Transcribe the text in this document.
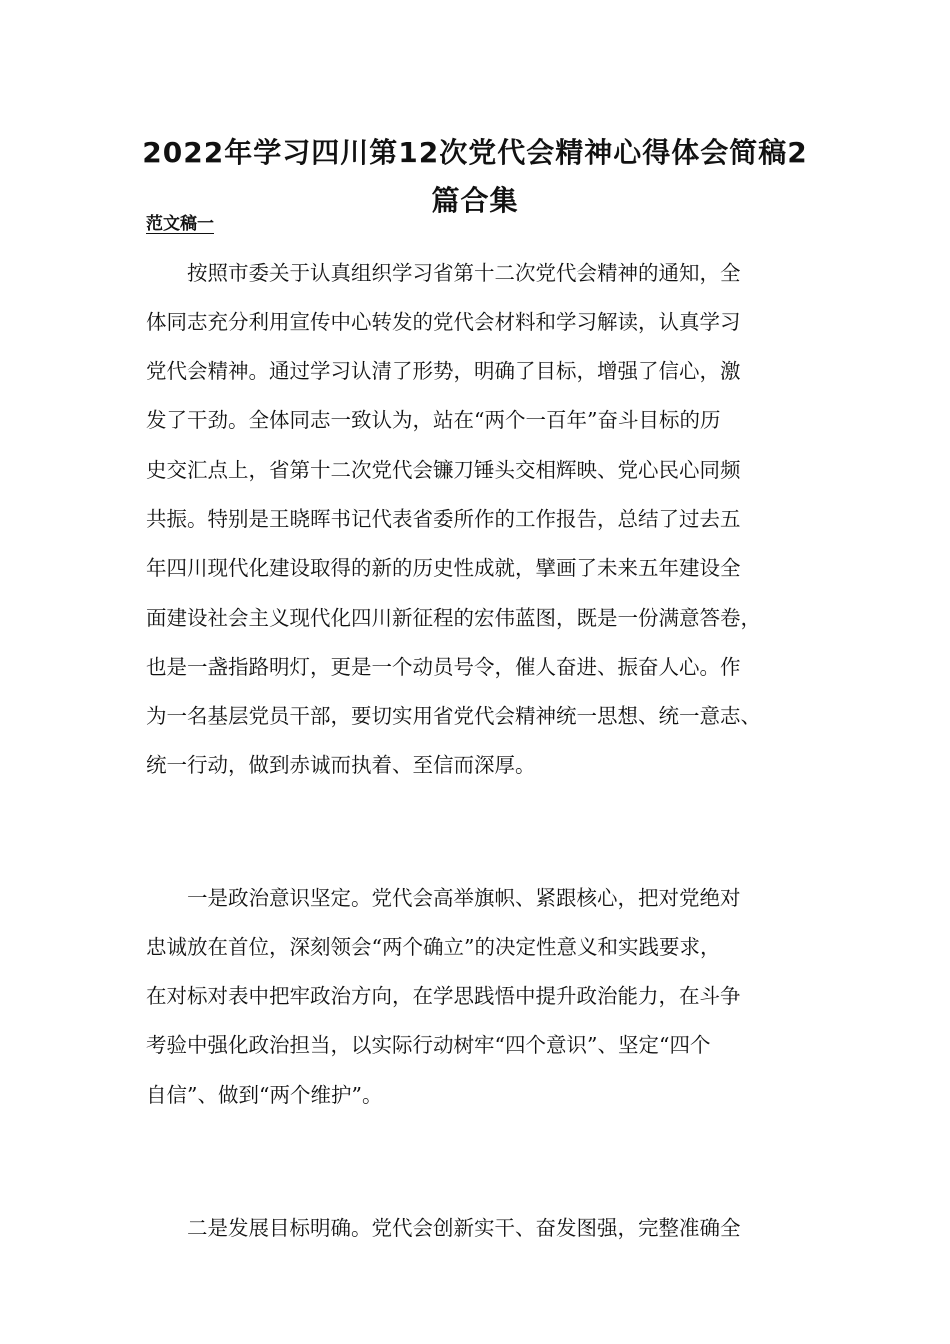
2022年学习四川第12次党代会精神心得体会简稿2
篇合集

范文稿一

　　按照市委关于认真组织学习省第十二次党代会精神的通知，全

体同志充分利用宣传中心转发的党代会材料和学习解读，认真学习

党代会精神。通过学习认清了形势，明确了目标，增强了信心，激

发了干劲。全体同志一致认为，站在“两个一百年”奋斗目标的历

史交汇点上，省第十二次党代会镰刀锤头交相辉映、党心民心同频

共振。特别是王晓晖书记代表省委所作的工作报告，总结了过去五

年四川现代化建设取得的新的历史性成就，擘画了未来五年建设全

面建设社会主义现代化四川新征程的宏伟蓝图，既是一份满意答卷，

也是一盏指路明灯，更是一个动员号令，催人奋进、振奋人心。作

为一名基层党员干部，要切实用省党代会精神统一思想、统一意志、

统一行动，做到赤诚而执着、至信而深厚。

　　一是政治意识坚定。党代会高举旗帜、紧跟核心，把对党绝对

忠诚放在首位，深刻领会“两个确立”的决定性意义和实践要求，

在对标对表中把牢政治方向，在学思践悟中提升政治能力，在斗争

考验中强化政治担当，以实际行动树牢“四个意识”、坚定“四个

自信”、做到“两个维护”。

　　二是发展目标明确。党代会创新实干、奋发图强，完整准确全
